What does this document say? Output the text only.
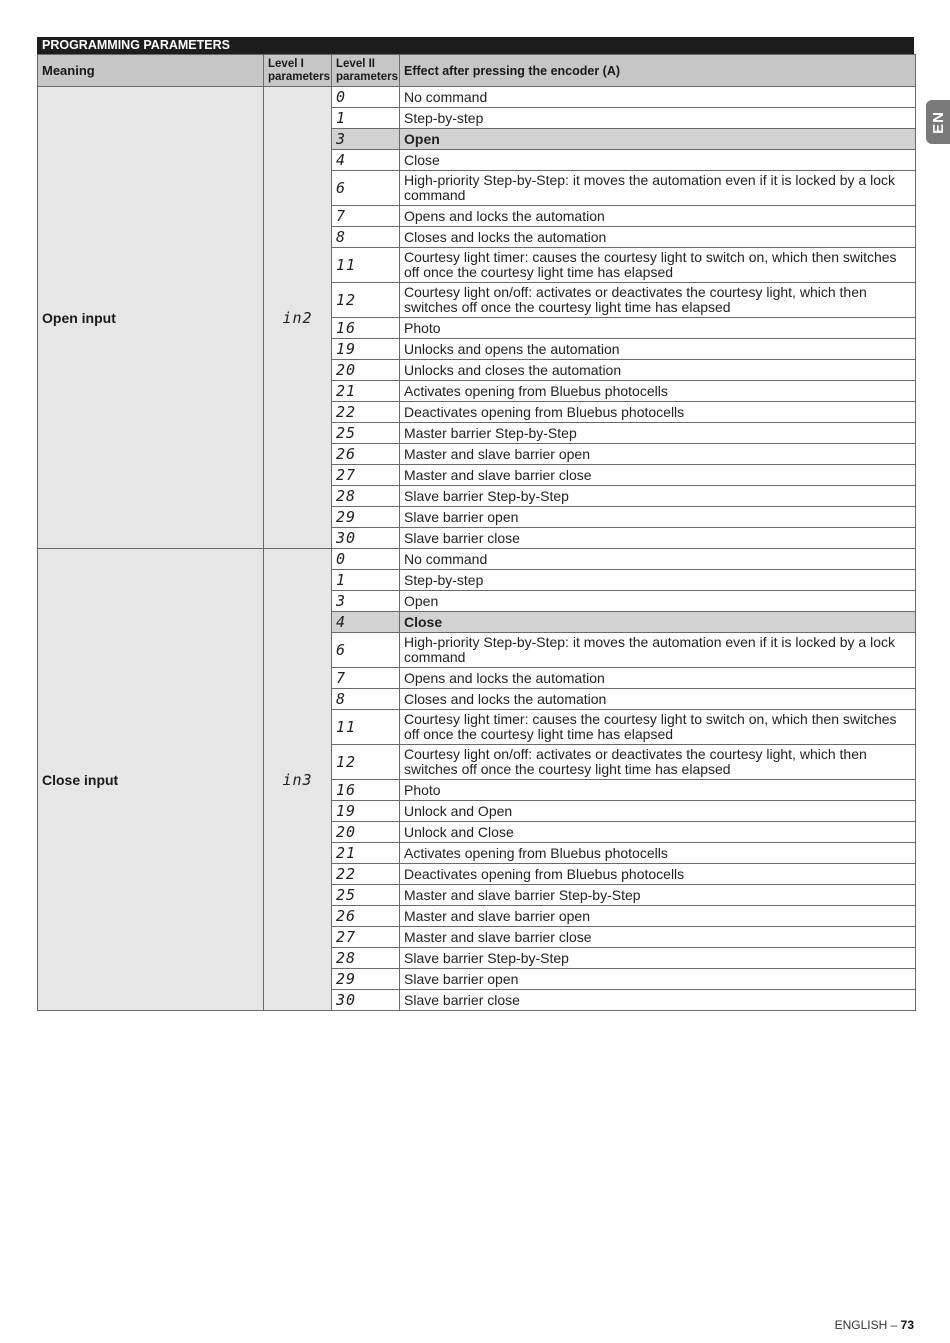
EN
PROGRAMMING PARAMETERS
Meaning	Level I parameters	Level II parameters	Effect after pressing the encoder (A)
Open input	in2	0	No command
		1	Step-by-step
		3	Open
		4	Close
		6	High-priority Step-by-Step: it moves the automation even if it is locked by a lock command
		7	Opens and locks the automation
		8	Closes and locks the automation
		11	Courtesy light timer: causes the courtesy light to switch on, which then switches off once the courtesy light time has elapsed
		12	Courtesy light on/off: activates or deactivates the courtesy light, which then switches off once the courtesy light time has elapsed
		16	Photo
		19	Unlocks and opens the automation
		20	Unlocks and closes the automation
		21	Activates opening from Bluebus photocells
		22	Deactivates opening from Bluebus photocells
		25	Master barrier Step-by-Step
		26	Master and slave barrier open
		27	Master and slave barrier close
		28	Slave barrier Step-by-Step
		29	Slave barrier open
		30	Slave barrier close
Close input	in3	0	No command
		1	Step-by-step
		3	Open
		4	Close
		6	High-priority Step-by-Step: it moves the automation even if it is locked by a lock command
		7	Opens and locks the automation
		8	Closes and locks the automation
		11	Courtesy light timer: causes the courtesy light to switch on, which then switches off once the courtesy light time has elapsed
		12	Courtesy light on/off: activates or deactivates the courtesy light, which then switches off once the courtesy light time has elapsed
		16	Photo
		19	Unlock and Open
		20	Unlock and Close
		21	Activates opening from Bluebus photocells
		22	Deactivates opening from Bluebus photocells
		25	Master and slave barrier Step-by-Step
		26	Master and slave barrier open
		27	Master and slave barrier close
		28	Slave barrier Step-by-Step
		29	Slave barrier open
		30	Slave barrier close
ENGLISH – 73
